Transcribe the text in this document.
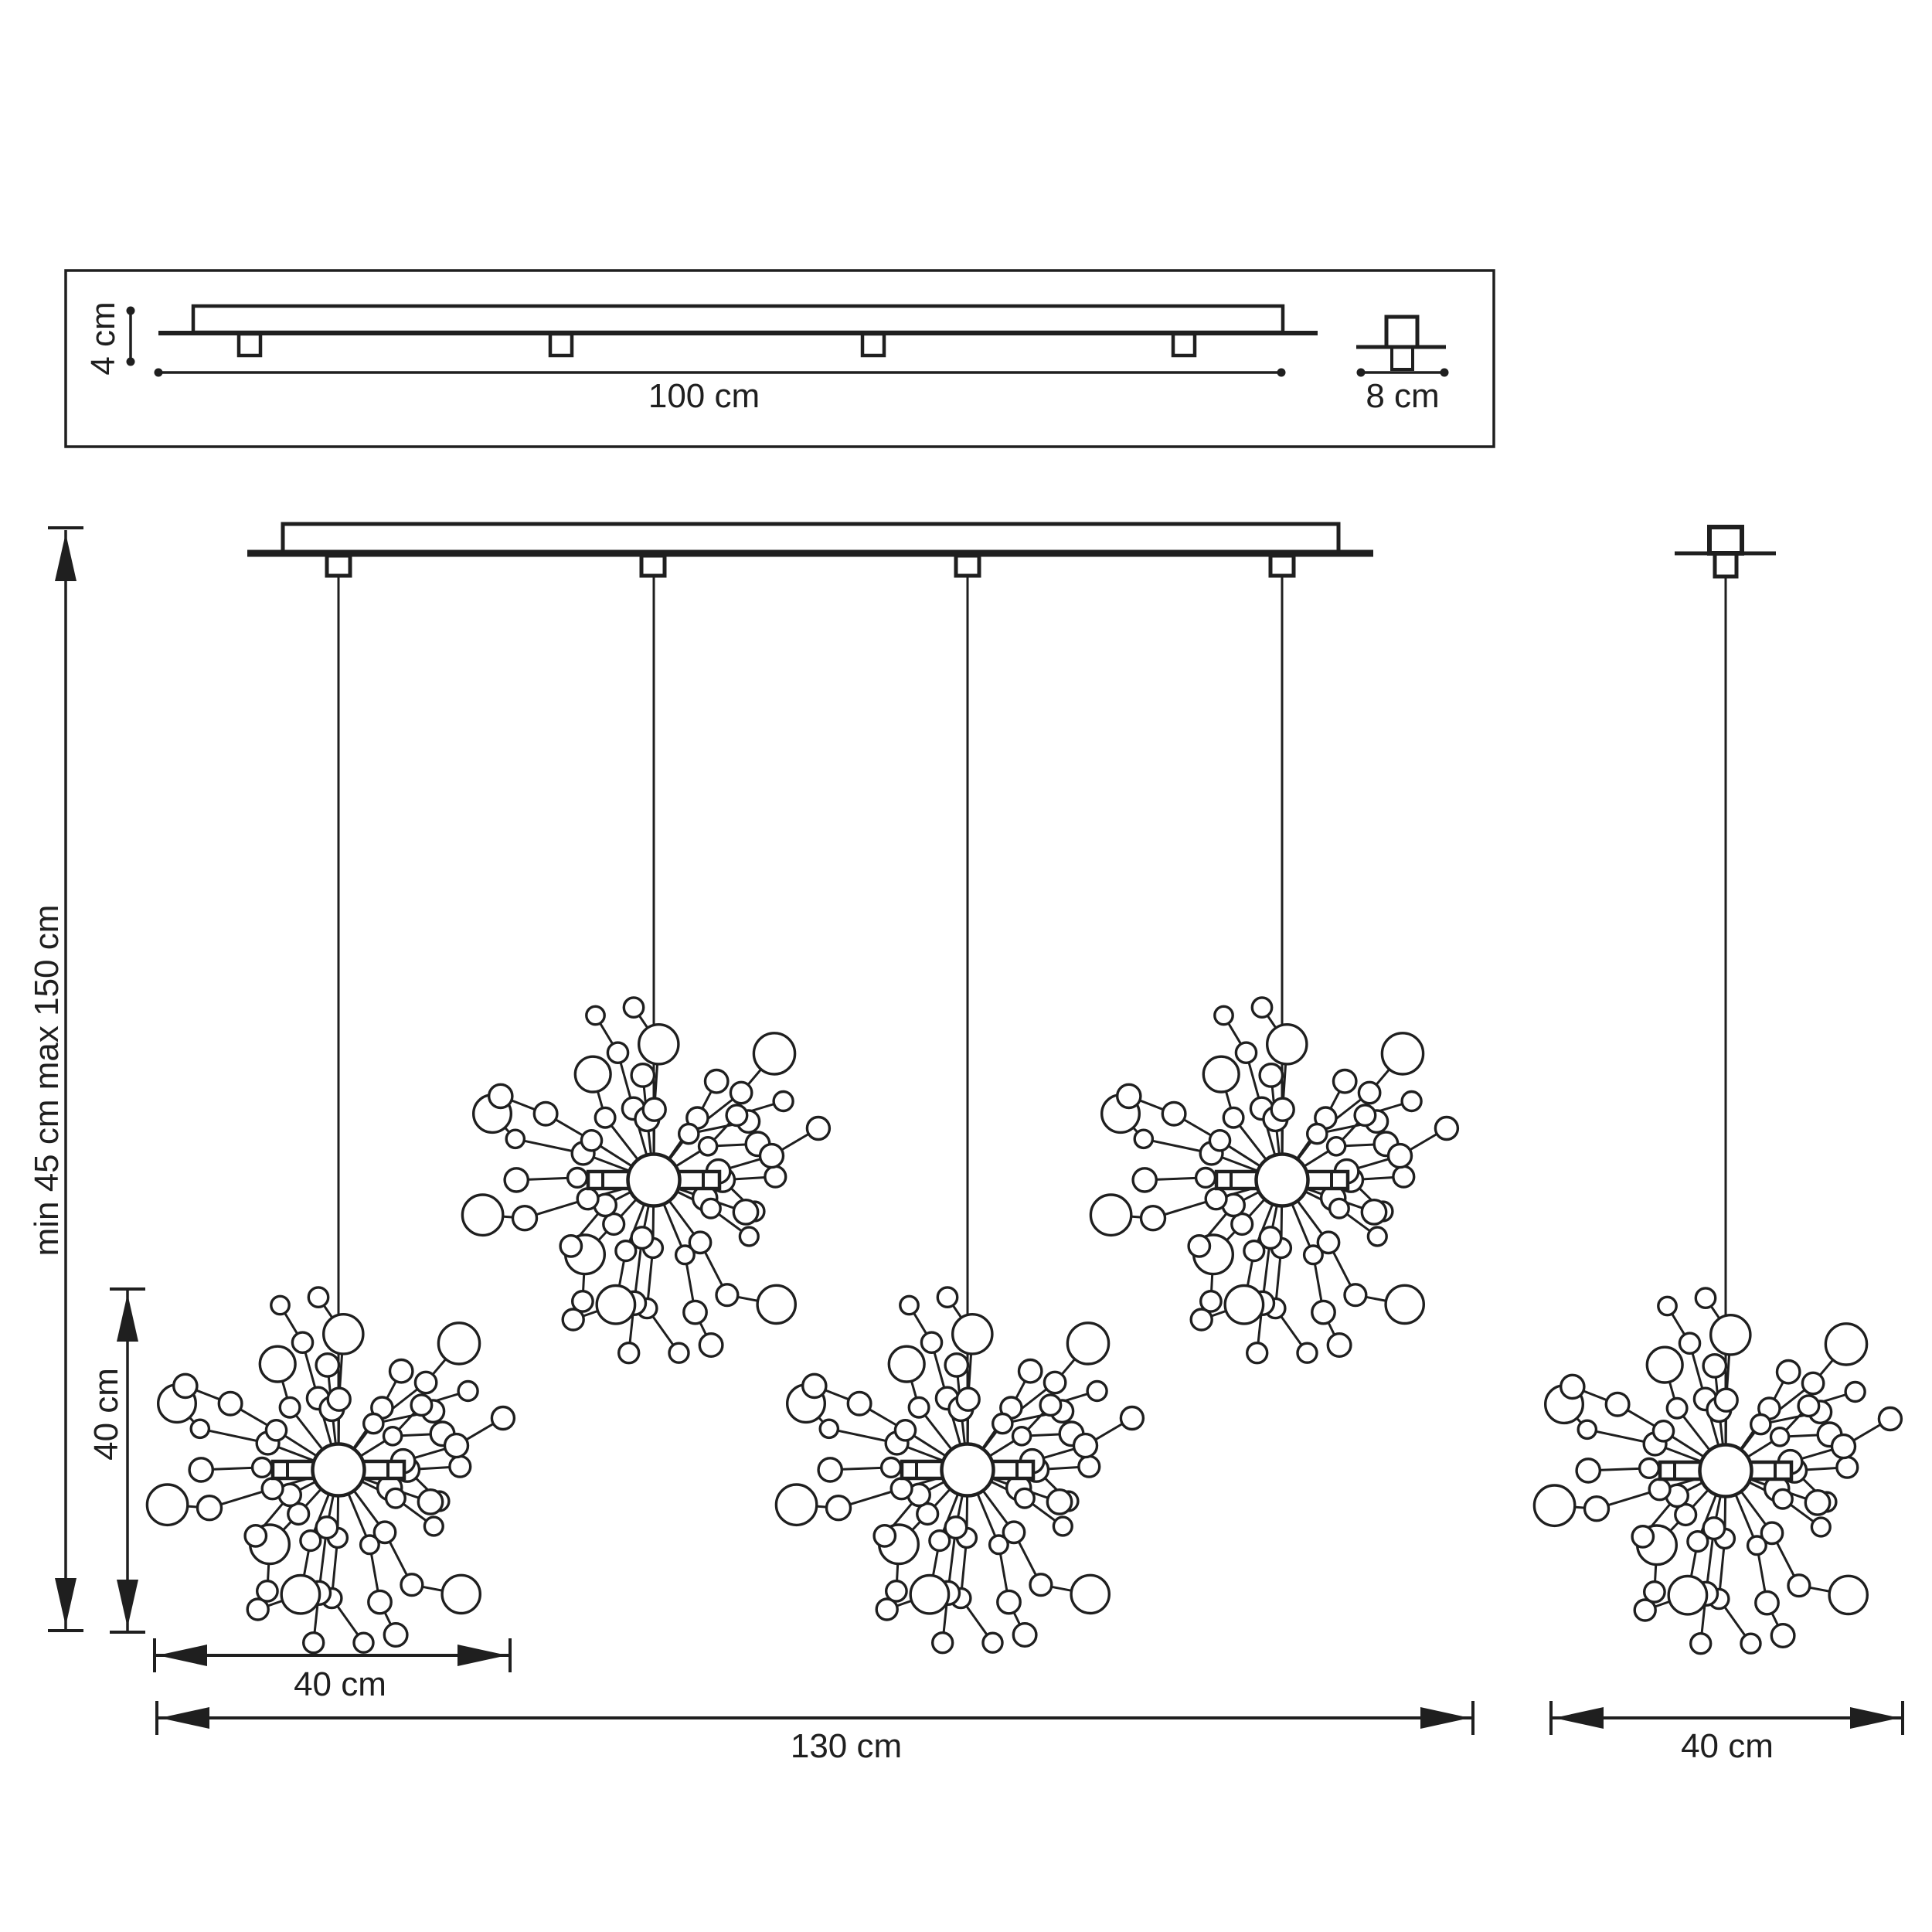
4 cm
100 cm	8 cm
min 45 cm max 150 cm
40 cm
40 cm
130 cm	40 cm
